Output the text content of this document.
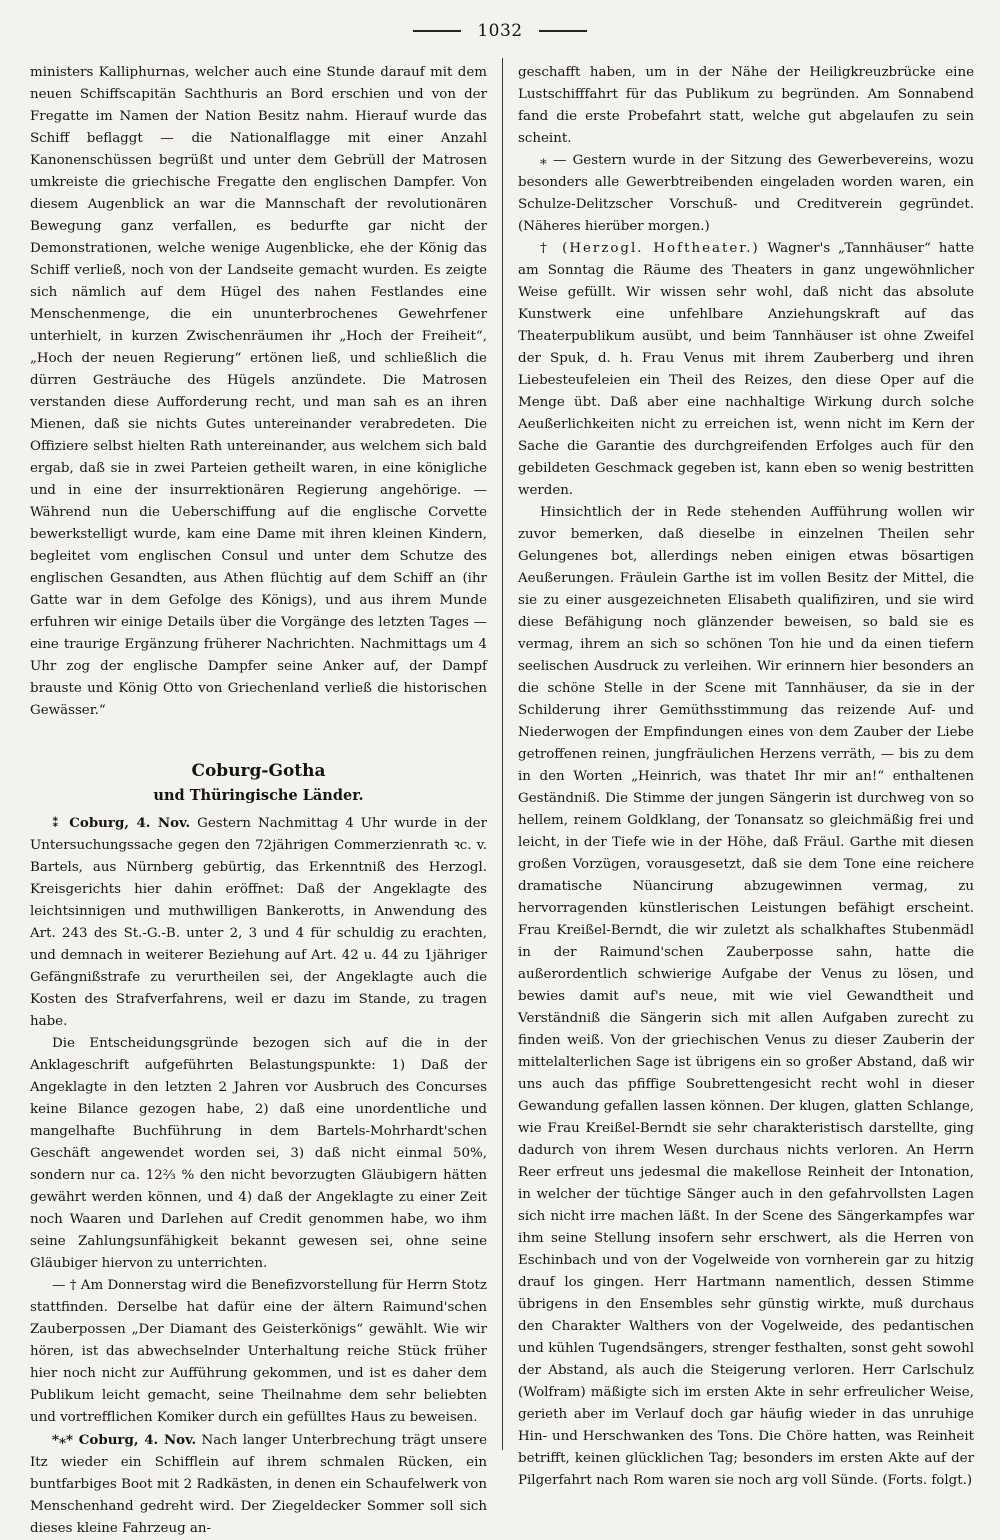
1032

ministers Kalliphurnas, welcher auch eine Stunde darauf mit dem neuen Schiffscapitän Sachthuris an Bord erschien und von der Fregatte im Namen der Nation Besitz nahm. Hierauf wurde das Schiff beflaggt — die Nationalflagge mit einer Anzahl Kanonenschüssen begrüßt und unter dem Gebrüll der Matrosen umkreiste die griechische Fregatte den englischen Dampfer. Von diesem Augenblick an war die Mannschaft der revolutionären Bewegung ganz verfallen, es bedurfte gar nicht der Demonstrationen, welche wenige Augenblicke, ehe der König das Schiff verließ, noch von der Landseite gemacht wurden. Es zeigte sich nämlich auf dem Hügel des nahen Festlandes eine Menschenmenge, die ein ununterbrochenes Gewehrfener unterhielt, in kurzen Zwischenräumen ihr „Hoch der Freiheit“, „Hoch der neuen Regierung“ ertönen ließ, und schließlich die dürren Gesträuche des Hügels anzündete. Die Matrosen verstanden diese Aufforderung recht, und man sah es an ihren Mienen, daß sie nichts Gutes untereinander verabredeten. Die Offiziere selbst hielten Rath untereinander, aus welchem sich bald ergab, daß sie in zwei Parteien getheilt waren, in eine königliche und in eine der insurrektionären Regierung angehörige. — Während nun die Ueberschiffung auf die englische Corvette bewerkstelligt wurde, kam eine Dame mit ihren kleinen Kindern, begleitet vom englischen Consul und unter dem Schutze des englischen Gesandten, aus Athen flüchtig auf dem Schiff an (ihr Gatte war in dem Gefolge des Königs), und aus ihrem Munde erfuhren wir einige Details über die Vorgänge des letzten Tages — eine traurige Ergänzung früherer Nachrichten. Nachmittags um 4 Uhr zog der englische Dampfer seine Anker auf, der Dampf brauste und König Otto von Griechenland verließ die historischen Gewässer.“

Coburg-Gotha
und Thüringische Länder.

⁑ Coburg, 4. Nov. Gestern Nachmittag 4 Uhr wurde in der Untersuchungssache gegen den 72jährigen Commerzienrath ꝛc. v. Bartels, aus Nürnberg gebürtig, das Erkenntniß des Herzogl. Kreisgerichts hier dahin eröffnet: Daß der Angeklagte des leichtsinnigen und muthwilligen Bankerotts, in Anwendung des Art. 243 des St.-G.-B. unter 2, 3 und 4 für schuldig zu erachten, und demnach in weiterer Beziehung auf Art. 42 u. 44 zu 1jähriger Gefängnißstrafe zu verurtheilen sei, der Angeklagte auch die Kosten des Strafverfahrens, weil er dazu im Stande, zu tragen habe.

Die Entscheidungsgründe bezogen sich auf die in der Anklageschrift aufgeführten Belastungspunkte: 1) Daß der Angeklagte in den letzten 2 Jahren vor Ausbruch des Concurses keine Bilance gezogen habe, 2) daß eine unordentliche und mangelhafte Buchführung in dem Bartels-Mohrhardt'schen Geschäft angewendet worden sei, 3) daß nicht einmal 50%, sondern nur ca. 12⅔ % den nicht bevorzugten Gläubigern hätten gewährt werden können, und 4) daß der Angeklagte zu einer Zeit noch Waaren und Darlehen auf Credit genommen habe, wo ihm seine Zahlungsunfähigkeit bekannt gewesen sei, ohne seine Gläubiger hiervon zu unterrichten.

— † Am Donnerstag wird die Benefizvorstellung für Herrn Stotz stattfinden. Derselbe hat dafür eine der ältern Raimund'schen Zauberpossen „Der Diamant des Geisterkönigs“ gewählt. Wie wir hören, ist das abwechselnder Unterhaltung reiche Stück früher hier noch nicht zur Aufführung gekommen, und ist es daher dem Publikum leicht gemacht, seine Theilnahme dem sehr beliebten und vortrefflichen Komiker durch ein gefülltes Haus zu beweisen.

*⁎* Coburg, 4. Nov. Nach langer Unterbrechung trägt unsere Itz wieder ein Schifflein auf ihrem schmalen Rücken, ein buntfarbiges Boot mit 2 Radkästen, in denen ein Schaufelwerk von Menschenhand gedreht wird. Der Ziegeldecker Sommer soll sich dieses kleine Fahrzeug an-

geschafft haben, um in der Nähe der Heiligkreuzbrücke eine Lustschifffahrt für das Publikum zu begründen. Am Sonnabend fand die erste Probefahrt statt, welche gut abgelaufen zu sein scheint.

⁎ — Gestern wurde in der Sitzung des Gewerbevereins, wozu besonders alle Gewerbtreibenden eingeladen worden waren, ein Schulze-Delitzscher Vorschuß- und Creditverein gegründet. (Näheres hierüber morgen.)

† (Herzogl. Hoftheater.) Wagner's „Tannhäuser“ hatte am Sonntag die Räume des Theaters in ganz ungewöhnlicher Weise gefüllt. Wir wissen sehr wohl, daß nicht das absolute Kunstwerk eine unfehlbare Anziehungskraft auf das Theaterpublikum ausübt, und beim Tannhäuser ist ohne Zweifel der Spuk, d. h. Frau Venus mit ihrem Zauberberg und ihren Liebesteufeleien ein Theil des Reizes, den diese Oper auf die Menge übt. Daß aber eine nachhaltige Wirkung durch solche Aeußerlichkeiten nicht zu erreichen ist, wenn nicht im Kern der Sache die Garantie des durchgreifenden Erfolges auch für den gebildeten Geschmack gegeben ist, kann eben so wenig bestritten werden.

Hinsichtlich der in Rede stehenden Aufführung wollen wir zuvor bemerken, daß dieselbe in einzelnen Theilen sehr Gelungenes bot, allerdings neben einigen etwas bösartigen Aeußerungen. Fräulein Garthe ist im vollen Besitz der Mittel, die sie zu einer ausgezeichneten Elisabeth qualifiziren, und sie wird diese Befähigung noch glänzender beweisen, so bald sie es vermag, ihrem an sich so schönen Ton hie und da einen tiefern seelischen Ausdruck zu verleihen. Wir erinnern hier besonders an die schöne Stelle in der Scene mit Tannhäuser, da sie in der Schilderung ihrer Gemüthsstimmung das reizende Auf- und Niederwogen der Empfindungen eines von dem Zauber der Liebe getroffenen reinen, jungfräulichen Herzens verräth, — bis zu dem in den Worten „Heinrich, was thatet Ihr mir an!“ enthaltenen Geständniß. Die Stimme der jungen Sängerin ist durchweg von so hellem, reinem Goldklang, der Tonansatz so gleichmäßig frei und leicht, in der Tiefe wie in der Höhe, daß Fräul. Garthe mit diesen großen Vorzügen, vorausgesetzt, daß sie dem Tone eine reichere dramatische Nüancirung abzugewinnen vermag, zu hervorragenden künstlerischen Leistungen befähigt erscheint. Frau Kreißel-Berndt, die wir zuletzt als schalkhaftes Stubenmädl in der Raimund'schen Zauberposse sahn, hatte die außerordentlich schwierige Aufgabe der Venus zu lösen, und bewies damit auf's neue, mit wie viel Gewandtheit und Verständniß die Sängerin sich mit allen Aufgaben zurecht zu finden weiß. Von der griechischen Venus zu dieser Zauberin der mittelalterlichen Sage ist übrigens ein so großer Abstand, daß wir uns auch das pfiffige Soubrettengesicht recht wohl in dieser Gewandung gefallen lassen können. Der klugen, glatten Schlange, wie Frau Kreißel-Berndt sie sehr charakteristisch darstellte, ging dadurch von ihrem Wesen durchaus nichts verloren. An Herrn Reer erfreut uns jedesmal die makellose Reinheit der Intonation, in welcher der tüchtige Sänger auch in den gefahrvollsten Lagen sich nicht irre machen läßt. In der Scene des Sängerkampfes war ihm seine Stellung insofern sehr erschwert, als die Herren von Eschinbach und von der Vogelweide von vornherein gar zu hitzig drauf los gingen. Herr Hartmann namentlich, dessen Stimme übrigens in den Ensembles sehr günstig wirkte, muß durchaus den Charakter Walthers von der Vogelweide, des pedantischen und kühlen Tugendsängers, strenger festhalten, sonst geht sowohl der Abstand, als auch die Steigerung verloren. Herr Carlschulz (Wolfram) mäßigte sich im ersten Akte in sehr erfreulicher Weise, gerieth aber im Verlauf doch gar häufig wieder in das unruhige Hin- und Herschwanken des Tons. Die Chöre hatten, was Reinheit betrifft, keinen glücklichen Tag; besonders im ersten Akte auf der Pilgerfahrt nach Rom waren sie noch arg voll Sünde. (Forts. folgt.)
